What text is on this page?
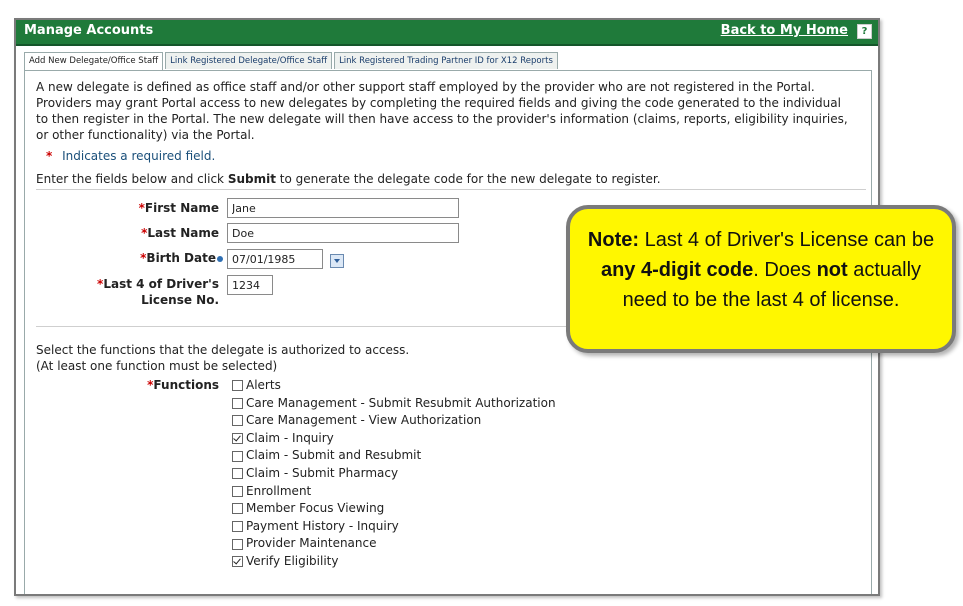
Manage Accounts	Back to My Home	?
Add New Delegate/Office Staff	Link Registered Delegate/Office Staff	Link Registered Trading Partner ID for X12 Reports

A new delegate is defined as office staff and/or other support staff employed by the provider who are not registered in the Portal. Providers may grant Portal access to new delegates by completing the required fields and giving the code generated to the individual to then register in the Portal. The new delegate will then have access to the provider's information (claims, reports, eligibility inquiries, or other functionality) via the Portal.

* Indicates a required field.
Enter the fields below and click Submit to generate the delegate code for the new delegate to register.
*First Name
Jane
*Last Name
Doe
*Birth Date
07/01/1985
*Last 4 of Driver's
License No.
1234
Select the functions that the delegate is authorized to access.
(At least one function must be selected)
*Functions Alerts
Care Management - Submit Resubmit Authorization
Care Management - View Authorization
Claim - Inquiry
Claim - Submit and Resubmit
Claim - Submit Pharmacy
Enrollment
Member Focus Viewing
Payment History - Inquiry
Provider Maintenance
Verify Eligibility
Note: Last 4 of Driver's License can be any 4-digit code. Does not actually need to be the last 4 of license.
